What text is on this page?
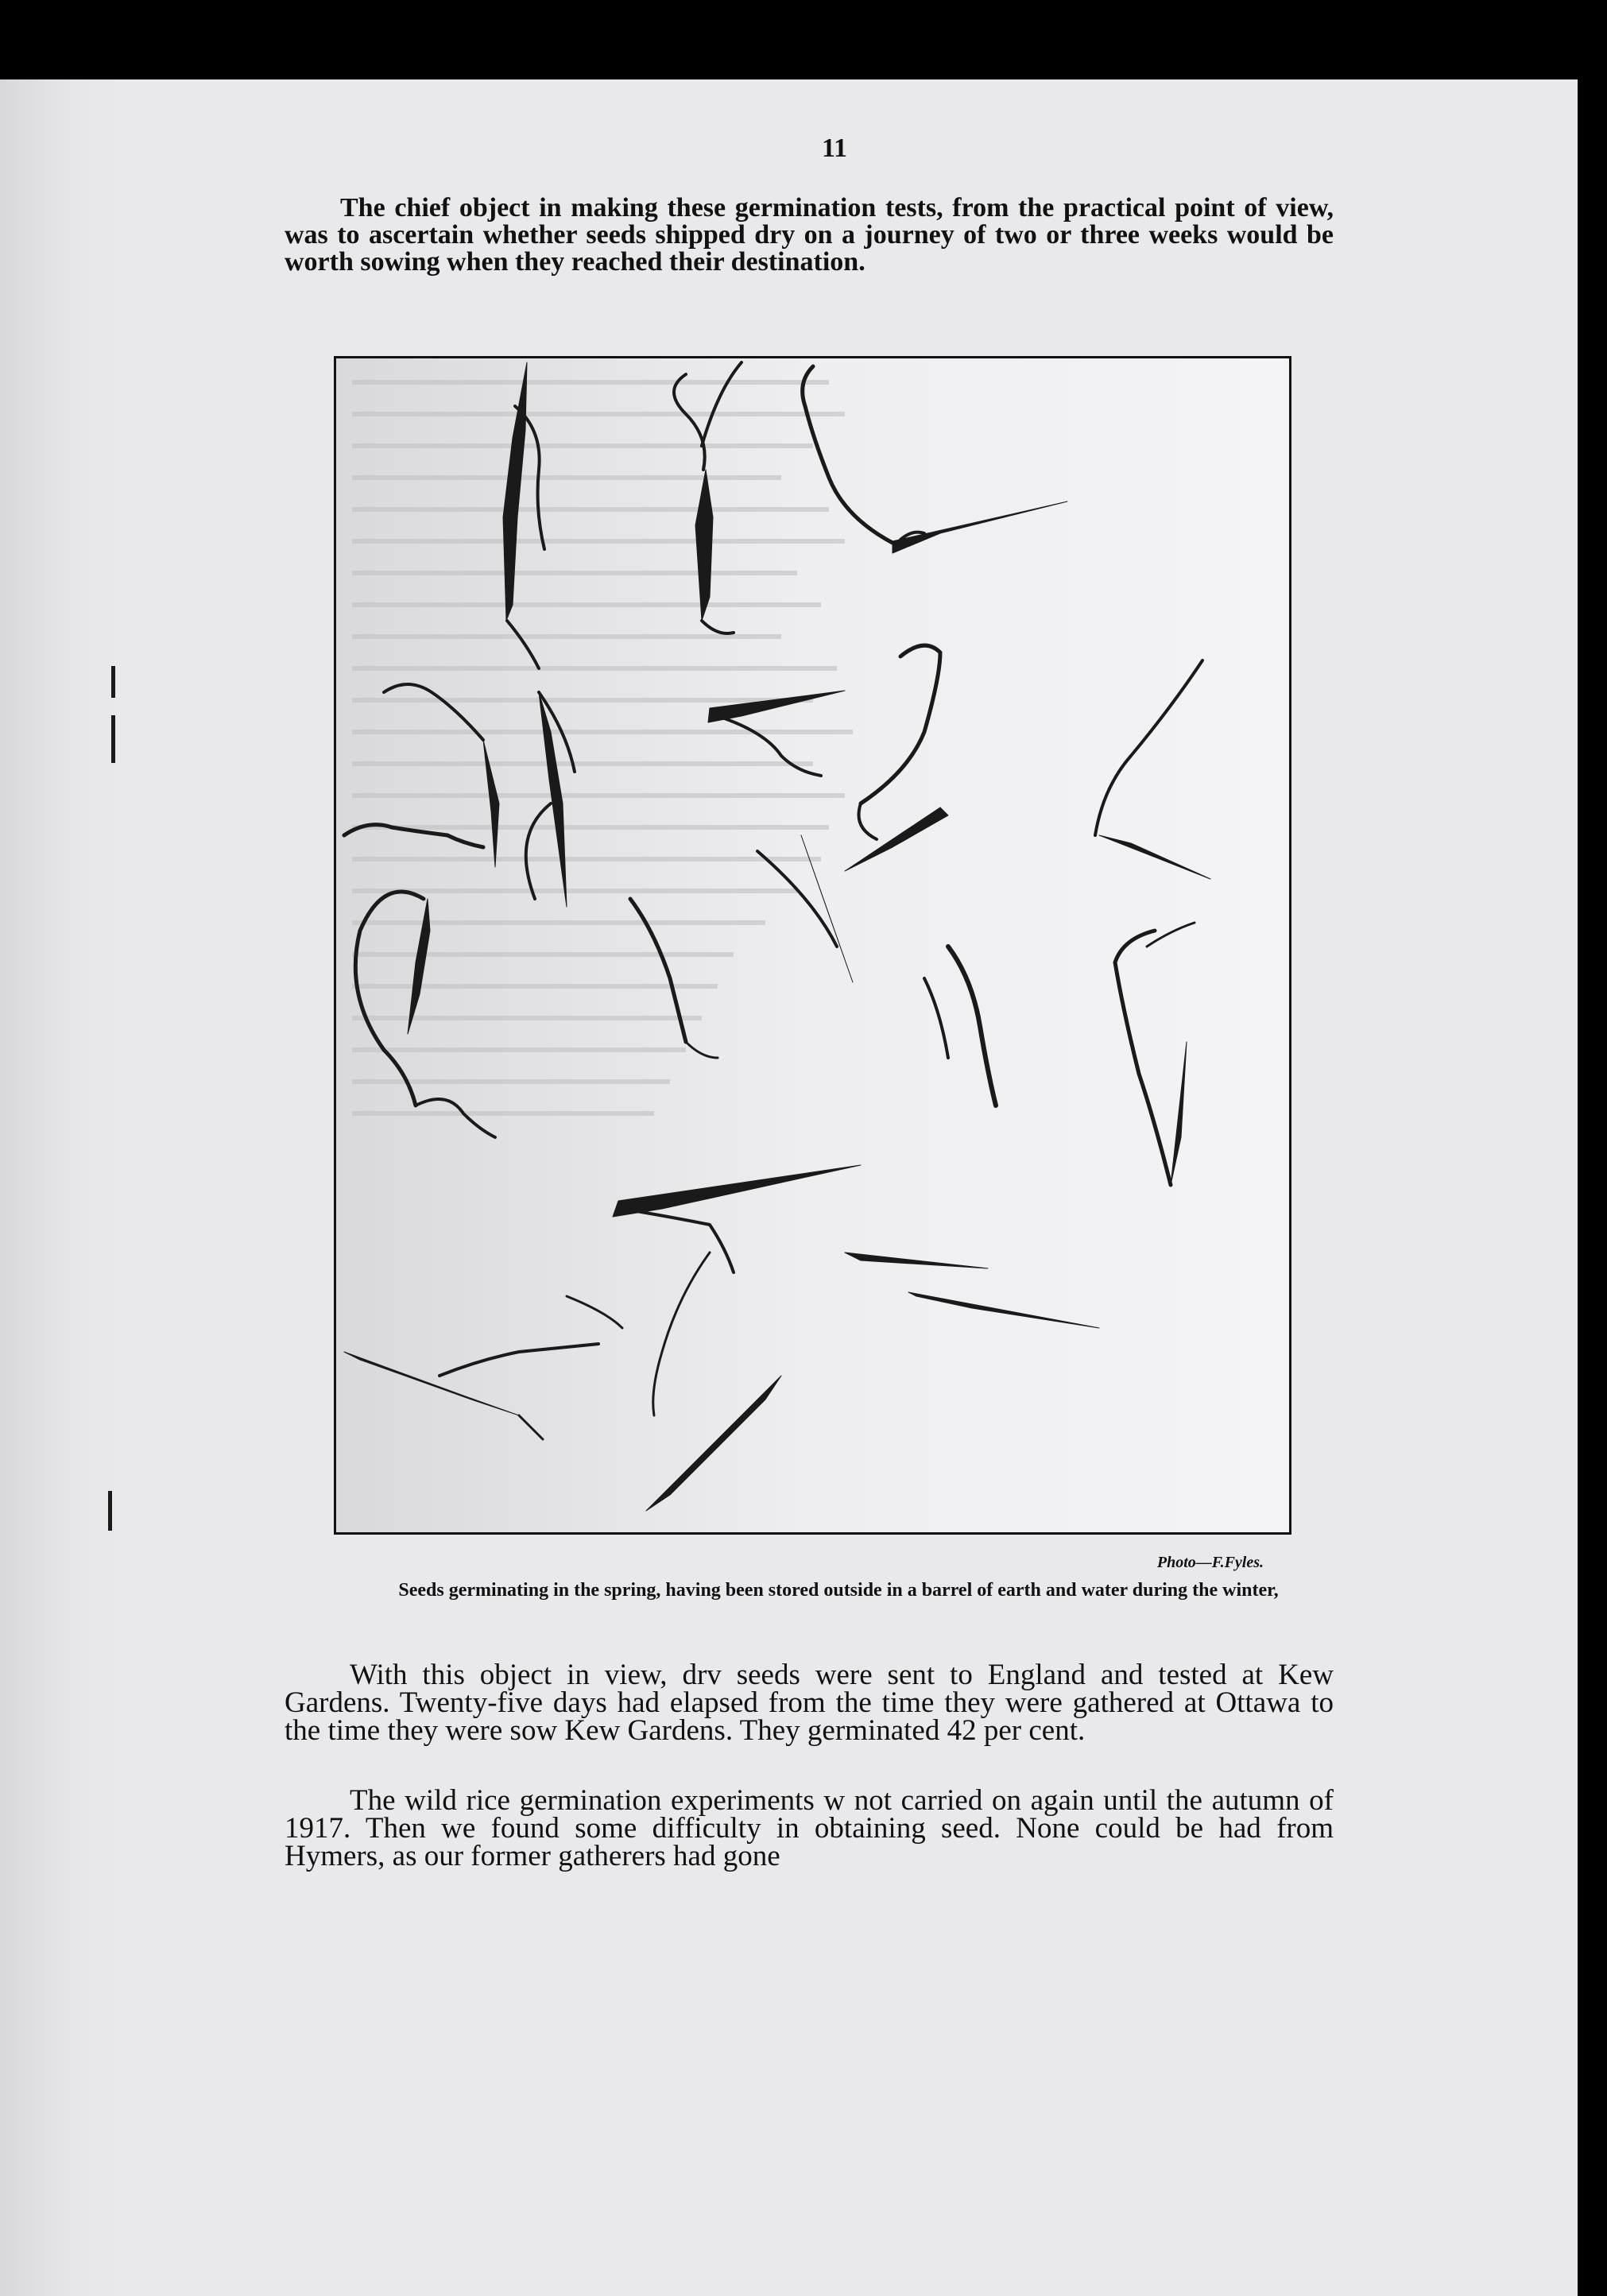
11
The chief object in making these germination tests, from the practical point of view, was to ascertain whether seeds shipped dry on a journey of two or three weeks would be worth sowing when they reached their destination.
Photo—F.Fyles.
Seeds germinating in the spring, having been stored outside in a barrel of earth and water during the winter,
With this object in view, drv seeds were sent to England and tested at Kew Gardens. Twenty-five days had elapsed from the time they were gathered at Ottawa to the time they were sow Kew Gardens. They germinated 42 per cent.
The wild rice germination experiments w not carried on again until the autumn of 1917. Then we found some difficulty in obtaining seed. None could be had from Hymers, as our former gatherers had gone
